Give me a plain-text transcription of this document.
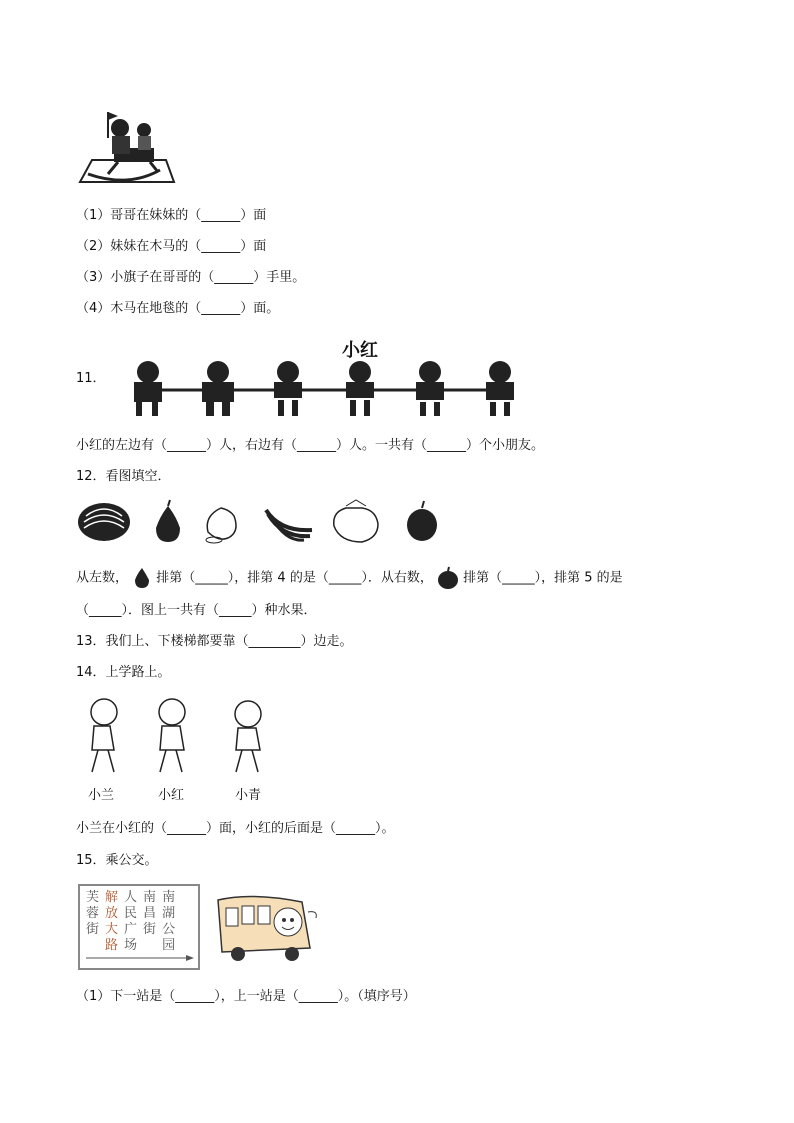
（1）哥哥在妹妹的（______）面
（2）妹妹在木马的（______）面
（3）小旗子在哥哥的（______）手里。
（4）木马在地毯的（______）面。
小红
11．
小红的左边有（______）人，右边有（______）人。一共有（______）个小朋友。
12．看图填空．
从左数， 排第（_____），排第 4 的是（_____）．从右数， 排第（_____），排第 5 的是
（_____）．图上一共有（_____）种水果．
13．我们上、下楼梯都要靠（________）边走。
14．上学路上。
小兰	小红	小青
小兰在小红的（______）面，小红的后面是（______）。
15．乘公交。
芙
蓉
街
解
放
大
路
人
民
广
场
南
昌
街
南
湖
公
园
（1）下一站是（______），上一站是（______）。（填序号）
